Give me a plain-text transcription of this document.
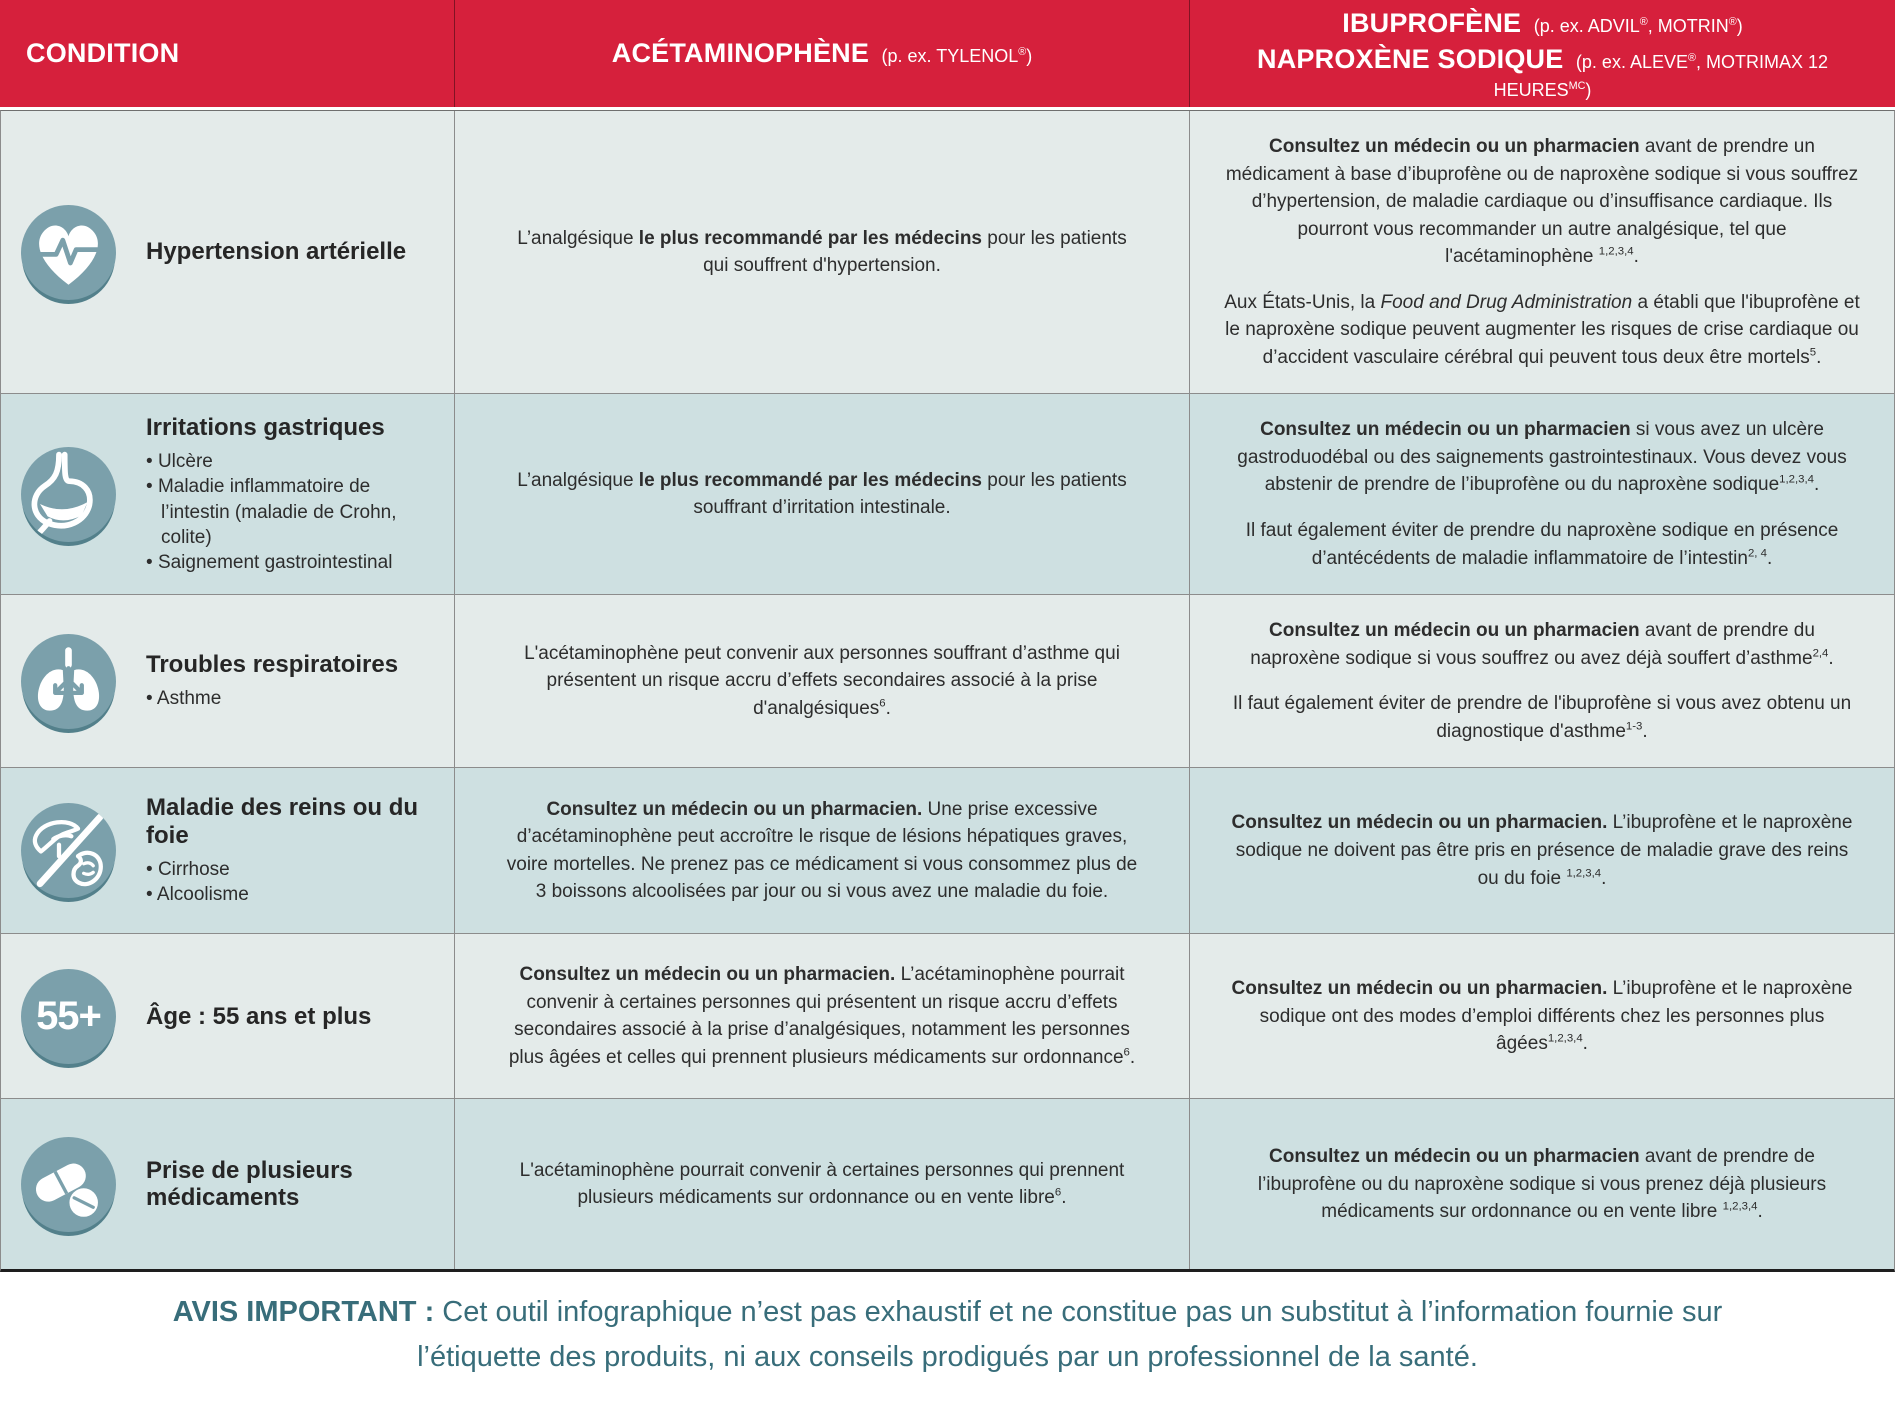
CONDITION	ACÉTAMINOPHÈNE (p. ex. TYLENOL®)
IBUPROFÈNE (p. ex. ADVIL®, MOTRIN®)
NAPROXÈNE SODIQUE (p. ex. ALEVE®, MOTRIMAX 12 $HEURES^{MC}$)
Hypertension artérielle

L’analgésique le plus recommandé par les médecins pour les patients qui souffrent d'hypertension.

Consultez un médecin ou un pharmacien avant de prendre un médicament à base d’ibuprofène ou de naproxène sodique si vous souffrez d’hypertension, de maladie cardiaque ou d’insuffisance cardiaque. Ils pourront vous recommander un autre analgésique, tel que l'acétaminophène $^{1,2,3,4}$.

Aux États-Unis, la Food and Drug Administration a établi que l'ibuprofène et le naproxène sodique peuvent augmenter les risques de crise cardiaque ou d’accident vasculaire cérébral qui peuvent tous deux être mortels$^5$.

Irritations gastriques
• Ulcère
• Maladie inflammatoire de l’intestin (maladie de Crohn, colite)
• Saignement gastrointestinal

L’analgésique le plus recommandé par les médecins pour les patients souffrant d’irritation intestinale.

Consultez un médecin ou un pharmacien si vous avez un ulcère gastroduodébal ou des saignements gastrointestinaux. Vous devez vous abstenir de prendre de l’ibuprofène ou du naproxène sodique$^{1,2,3,4}$.

Il faut également éviter de prendre du naproxène sodique en présence d’antécédents de maladie inflammatoire de l’intestin$^{2, 4}$.

Troubles respiratoires
• Asthme

L'acétaminophène peut convenir aux personnes souffrant d’asthme qui présentent un risque accru d’effets secondaires associé à la prise d'analgésiques$^6$.

Consultez un médecin ou un pharmacien avant de prendre du naproxène sodique si vous souffrez ou avez déjà souffert d’asthme$^{2,4}$.

Il faut également éviter de prendre de l'ibuprofène si vous avez obtenu un diagnostique d'asthme$^{1-3}$.

Maladie des reins ou du foie
• Cirrhose
• Alcoolisme

Consultez un médecin ou un pharmacien. Une prise excessive d’acétaminophène peut accroître le risque de lésions hépatiques graves, voire mortelles. Ne prenez pas ce médicament si vous consommez plus de 3 boissons alcoolisées par jour ou si vous avez une maladie du foie.

Consultez un médecin ou un pharmacien. L’ibuprofène et le naproxène sodique ne doivent pas être pris en présence de maladie grave des reins ou du foie $^{1,2,3,4}$.

55+ Âge : 55 ans et plus

Consultez un médecin ou un pharmacien. L’acétaminophène pourrait convenir à certaines personnes qui présentent un risque accru d’effets secondaires associé à la prise d’analgésiques, notamment les personnes plus âgées et celles qui prennent plusieurs médicaments sur ordonnance$^6$.

Consultez un médecin ou un pharmacien. L’ibuprofène et le naproxène sodique ont des modes d’emploi différents chez les personnes plus âgées$^{1,2,3,4}$.

Prise de plusieurs médicaments

L'acétaminophène pourrait convenir à certaines personnes qui prennent plusieurs médicaments sur ordonnance ou en vente libre$^6$.

Consultez un médecin ou un pharmacien avant de prendre de l’ibuprofène ou du naproxène sodique si vous prenez déjà plusieurs médicaments sur ordonnance ou en vente libre $^{1,2,3,4}$.

AVIS IMPORTANT : Cet outil infographique n’est pas exhaustif et ne constitue pas un substitut à l’information fournie sur l’étiquette des produits, ni aux conseils prodigués par un professionnel de la santé.
